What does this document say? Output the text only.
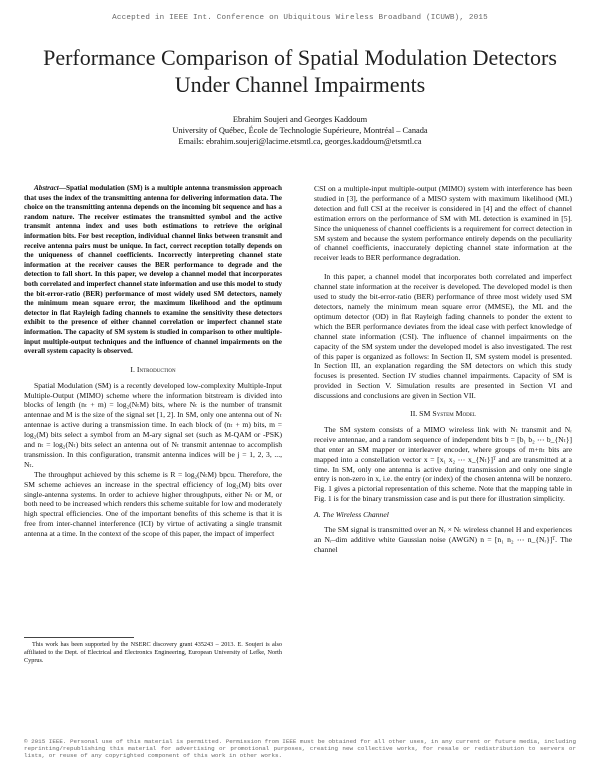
Accepted in IEEE Int. Conference on Ubiquitous Wireless Broadband (ICUWB), 2015
Performance Comparison of Spatial Modulation Detectors Under Channel Impairments
Ebrahim Soujeri and Georges Kaddoum
University of Québec, École de Technologie Supérieure, Montréal – Canada
Emails: ebrahim.soujeri@lacime.etsmtl.ca, georges.kaddoum@etsmtl.ca

Abstract—Spatial modulation (SM) is a multiple antenna transmission approach that uses the index of the transmitting antenna for delivering information data. The choice on the transmitting antenna depends on the incoming bit sequence and has a random nature. The receiver estimates the transmitted symbol and the active transmit antenna index and uses both estimations to retrieve the original information bits. For best reception, individual channel links between transmit and receive antenna pairs must be unique. In fact, correct reception totally depends on the uniqueness of channel coefficients. Incorrectly interpreting channel state information at the receiver causes the BER performance to degrade and the detection to fall short. In this paper, we develop a channel model that incorporates both correlated and imperfect channel state information and use this model to study the bit-error-ratio (BER) performance of most widely used SM detectors, namely the minimum mean square error, the maximum likelihood and the optimum detector in flat Rayleigh fading channels to examine the sensitivity these detectors exhibit to the presence of either channel correlation or imperfect channel state information. The capacity of SM system is studied in comparison to other multiple-input multiple-output techniques and the influence of channel impairments on the overall system capacity is observed.

I. Introduction

Spatial Modulation (SM) is a recently developed low-complexity Multiple-Input Multiple-Output (MIMO) scheme where the information bitstream is divided into blocks of length (nₜ + m) = log₂(NₜM) bits, where Nₜ is the number of transmit antennae and M is the size of the signal set [1, 2]. In SM, only one antenna out of Nₜ antennae is active during a transmission time. In each block of (nₜ + m) bits, m = log₂(M) bits select a symbol from an M-ary signal set (such as M-QAM or -PSK) and nₜ = log₂(Nₜ) bits select an antenna out of Nₜ transmit antennae to accomplish transmission. In this configuration, transmit antenna indices will be j = 1, 2, 3, ..., Nₜ.

The throughput achieved by this scheme is R = log₂(NₜM) bpcu. Therefore, the SM scheme achieves an increase in the spectral efficiency of log₂(M) bits over single-antenna systems. In order to achieve higher throughputs, either Nₜ or M, or both need to be increased which renders this scheme suitable for low and moderately high spectral efficiencies. One of the important benefits of this scheme is that it is free from inter-channel interference (ICI) by virtue of activating a single transmit antenna at a time. In the context of the scope of this paper, the impact of imperfect

This work has been supported by the NSERC discovery grant 435243 – 2013. E. Soujeri is also affiliated to the Dept. of Electrical and Electronics Engineering, European University of Lefke, North Cyprus.

CSI on a multiple-input multiple-output (MIMO) system with interference has been studied in [3], the performance of a MISO system with maximum likelihood (ML) detection and full CSI at the receiver is considered in [4] and the effect of channel estimation errors on the performance of SM with ML detection is examined in [5]. Since the uniqueness of channel coefficients is a requirement for correct detection in SM system and because the system performance entirely depends on the peculiarity of channel coefficients, inaccurately depicting channel state information at the receiver leads to BER performance degradation.

In this paper, a channel model that incorporates both correlated and imperfect channel state information at the receiver is developed. The developed model is then used to study the bit-error-ratio (BER) performance of three most widely used SM detectors, namely the minimum mean square error (MMSE), the ML and the optimum detector (OD) in flat Rayleigh fading channels to ponder the extent to which the BER performance deviates from the ideal case with perfect knowledge of channel state information (CSI). The influence of channel impairments on the capacity of the SM system under the developed model is also investigated. The rest of this paper is organized as follows: In Section II, SM system model is presented. In Section III, an explanation regarding the SM detectors on which this study focuses is presented. Section IV studies channel impairments. Capacity of SM is provided in Section V. Simulation results are presented in Section VI and discussions and conclusions are given in Section VII.

II. SM System Model

The SM system consists of a MIMO wireless link with Nₜ transmit and Nᵣ receive antennae, and a random sequence of independent bits b = [b₁ b₂ ⋯ b_{Nₜ}] that enter an SM mapper or interleaver encoder, where groups of m+nₜ bits are mapped into a constellation vector x = [x₁ x₂ ⋯ x_{Nₜ}]ᵀ and are transmitted at a time. In SM, only one antenna is active during transmission and only one single entry is non-zero in x, i.e. the entry (or index) of the chosen antenna will be nonzero. Fig. 1 gives a pictorial representation of this scheme. Note that the mapping table in Fig. 1 is for the binary transmission case and is put there for illustration simplicity.

A. The Wireless Channel

The SM signal is transmitted over an Nᵣ × Nₜ wireless channel H and experiences an Nᵣ–dim additive white Gaussian noise (AWGN) n = [n₁ n₂ ⋯ n_{Nᵣ}]ᵀ. The channel

© 2015 IEEE. Personal use of this material is permitted. Permission from IEEE must be obtained for all other uses, in any current or future media, including reprinting/republishing this material for advertising or promotional purposes, creating new collective works, for resale or redistribution to servers or lists, or reuse of any copyrighted component of this work in other works.
